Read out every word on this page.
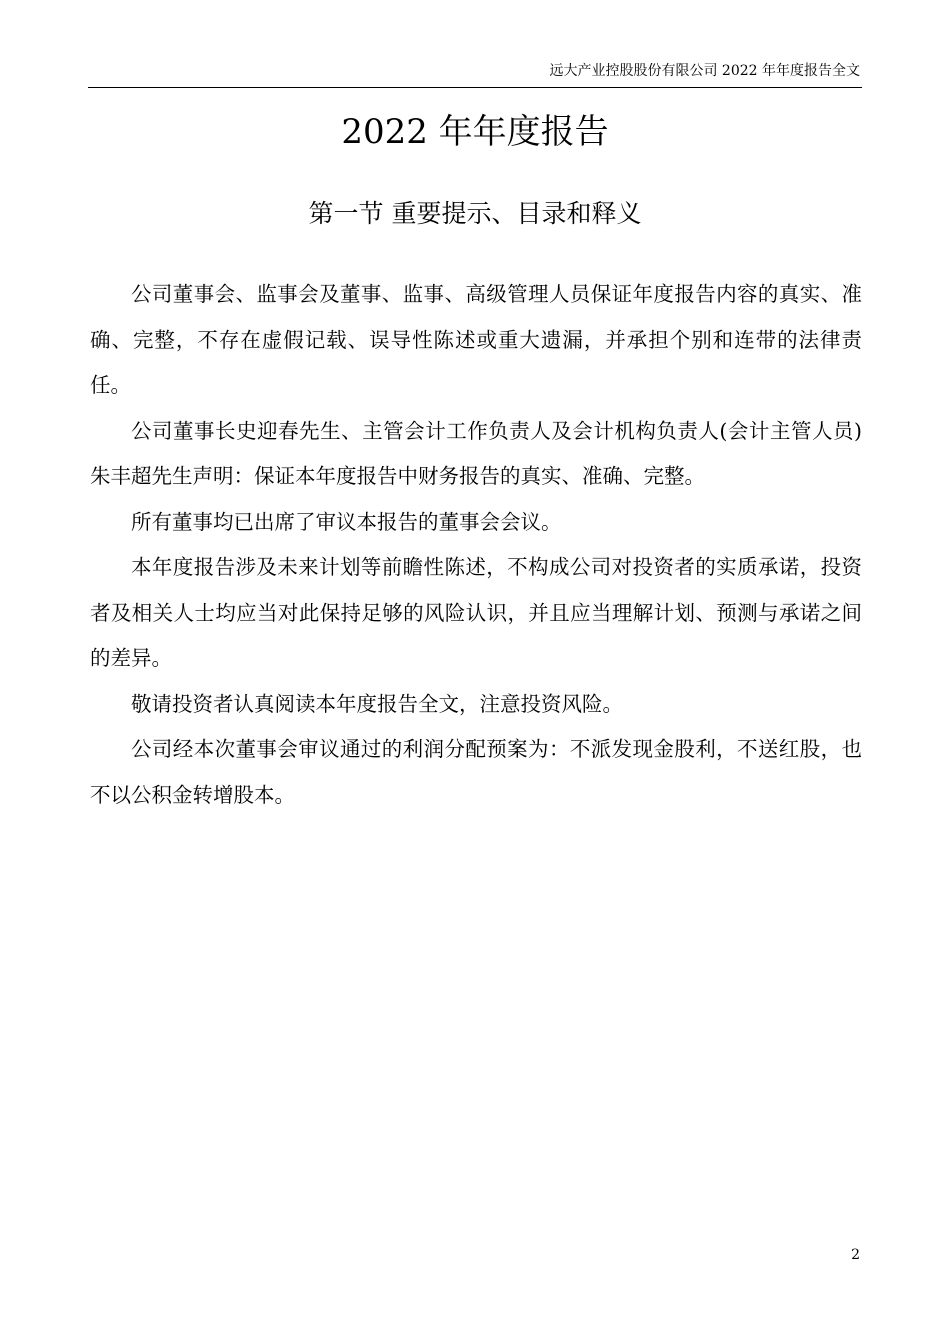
远大产业控股股份有限公司 2022 年年度报告全文
2022 年年度报告
第一节 重要提示、目录和释义

公司董事会、监事会及董事、监事、高级管理人员保证年度报告内容的真实、准确、完整，不存在虚假记载、误导性陈述或重大遗漏，并承担个别和连带的法律责任。

公司董事长史迎春先生、主管会计工作负责人及会计机构负责人(会计主管人员)朱丰超先生声明：保证本年度报告中财务报告的真实、准确、完整。

所有董事均已出席了审议本报告的董事会会议。

本年度报告涉及未来计划等前瞻性陈述，不构成公司对投资者的实质承诺，投资者及相关人士均应当对此保持足够的风险认识，并且应当理解计划、预测与承诺之间的差异。

敬请投资者认真阅读本年度报告全文，注意投资风险。

公司经本次董事会审议通过的利润分配预案为：不派发现金股利，不送红股，也不以公积金转增股本。

2
